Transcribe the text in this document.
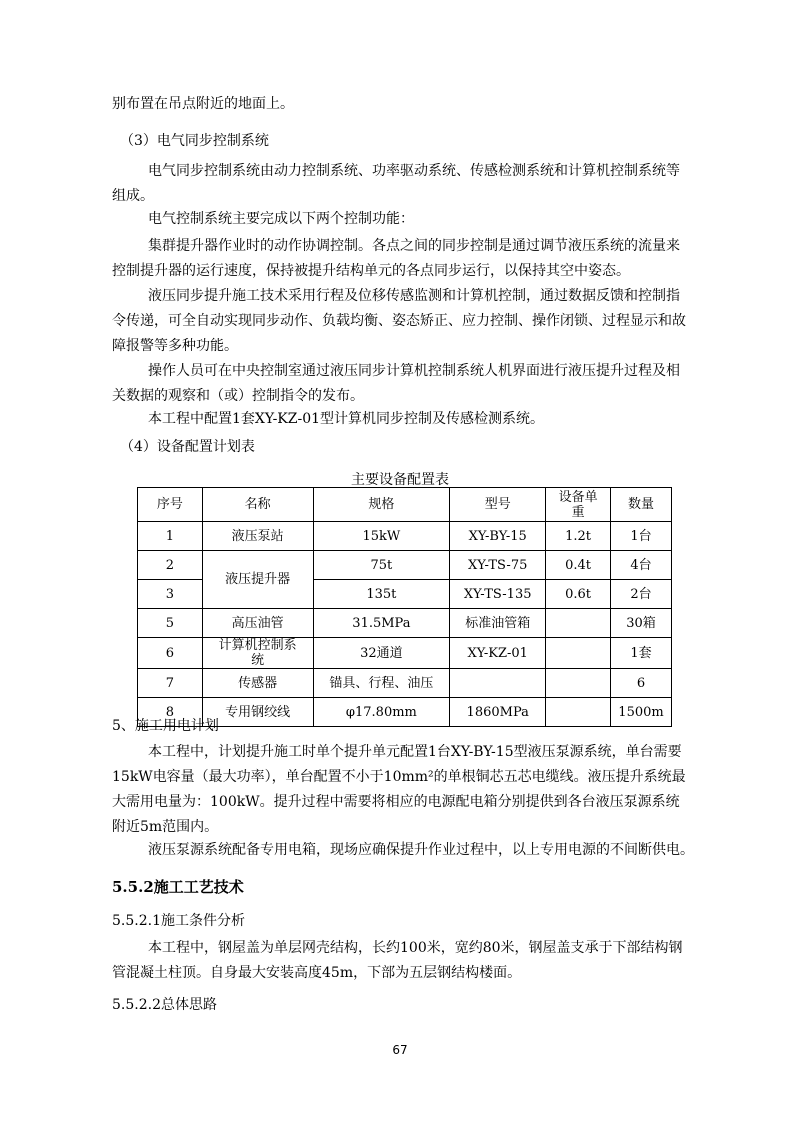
别布置在吊点附近的地面上。
（3）电气同步控制系统
电气同步控制系统由动力控制系统、功率驱动系统、传感检测系统和计算机控制系统等组成。
电气控制系统主要完成以下两个控制功能：
集群提升器作业时的动作协调控制。各点之间的同步控制是通过调节液压系统的流量来控制提升器的运行速度，保持被提升结构单元的各点同步运行，以保持其空中姿态。
液压同步提升施工技术采用行程及位移传感监测和计算机控制，通过数据反馈和控制指令传递，可全自动实现同步动作、负载均衡、姿态矫正、应力控制、操作闭锁、过程显示和故障报警等多种功能。
操作人员可在中央控制室通过液压同步计算机控制系统人机界面进行液压提升过程及相关数据的观察和（或）控制指令的发布。
本工程中配置1套XY-KZ-01型计算机同步控制及传感检测系统。
（4）设备配置计划表
主要设备配置表
序号	名称	规格	型号	设备单重	数量
1	液压泵站	15kW	XY-BY-15	1.2t	1台
2	液压提升器	75t	XY-TS-75	0.4t	4台
3		135t	XY-TS-135	0.6t	2台
5	高压油管	31.5MPa	标准油管箱		30箱
6	计算机控制系统	32通道	XY-KZ-01		1套
7	传感器	锚具、行程、油压			6
8	专用钢绞线	φ17.80mm	1860MPa		1500m
5、施工用电计划
本工程中，计划提升施工时单个提升单元配置1台XY-BY-15型液压泵源系统，单台需要15kW电容量（最大功率），单台配置不小于10mm²的单根铜芯五芯电缆线。液压提升系统最大需用电量为：100kW。提升过程中需要将相应的电源配电箱分别提供到各台液压泵源系统附近5m范围内。
液压泵源系统配备专用电箱，现场应确保提升作业过程中，以上专用电源的不间断供电。
5.5.2施工工艺技术
5.5.2.1施工条件分析
本工程中，钢屋盖为单层网壳结构，长约100米，宽约80米，钢屋盖支承于下部结构钢管混凝土柱顶。自身最大安装高度45m，下部为五层钢结构楼面。
5.5.2.2总体思路
67
